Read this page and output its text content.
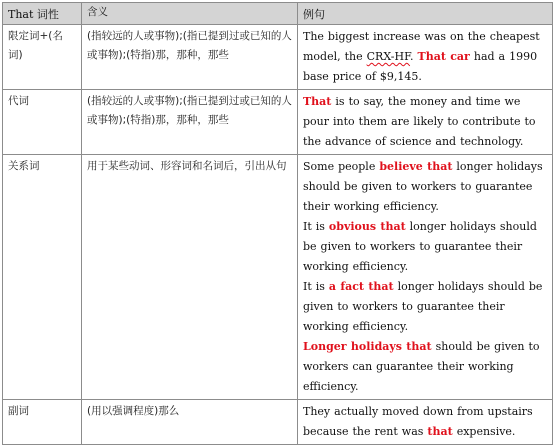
That 词性	含义	例句
限定词+(名词)	(指较远的人或事物);(指已提到过或已知的人或事物);(特指)那，那种，那些	The biggest increase was on the cheapest model, the CRX-HF. That car had a 1990 base price of $9,145.

代词	(指较远的人或事物);(指已提到过或已知的人或事物);(特指)那，那种，那些	That is to say, the money and time we pour into them are likely to contribute to the advance of science and technology.

关系词	用于某些动词、形容词和名词后，引出从句	Some people believe that longer holidays should be given to workers to guarantee their working efficiency.

It is obvious that longer holidays should be given to workers to guarantee their working efficiency.

It is a fact that longer holidays should be given to workers to guarantee their working efficiency.

Longer holidays that should be given to workers can guarantee their working efficiency.

副词	(用以强调程度)那么	They actually moved down from upstairs because the rent was that expensive.
